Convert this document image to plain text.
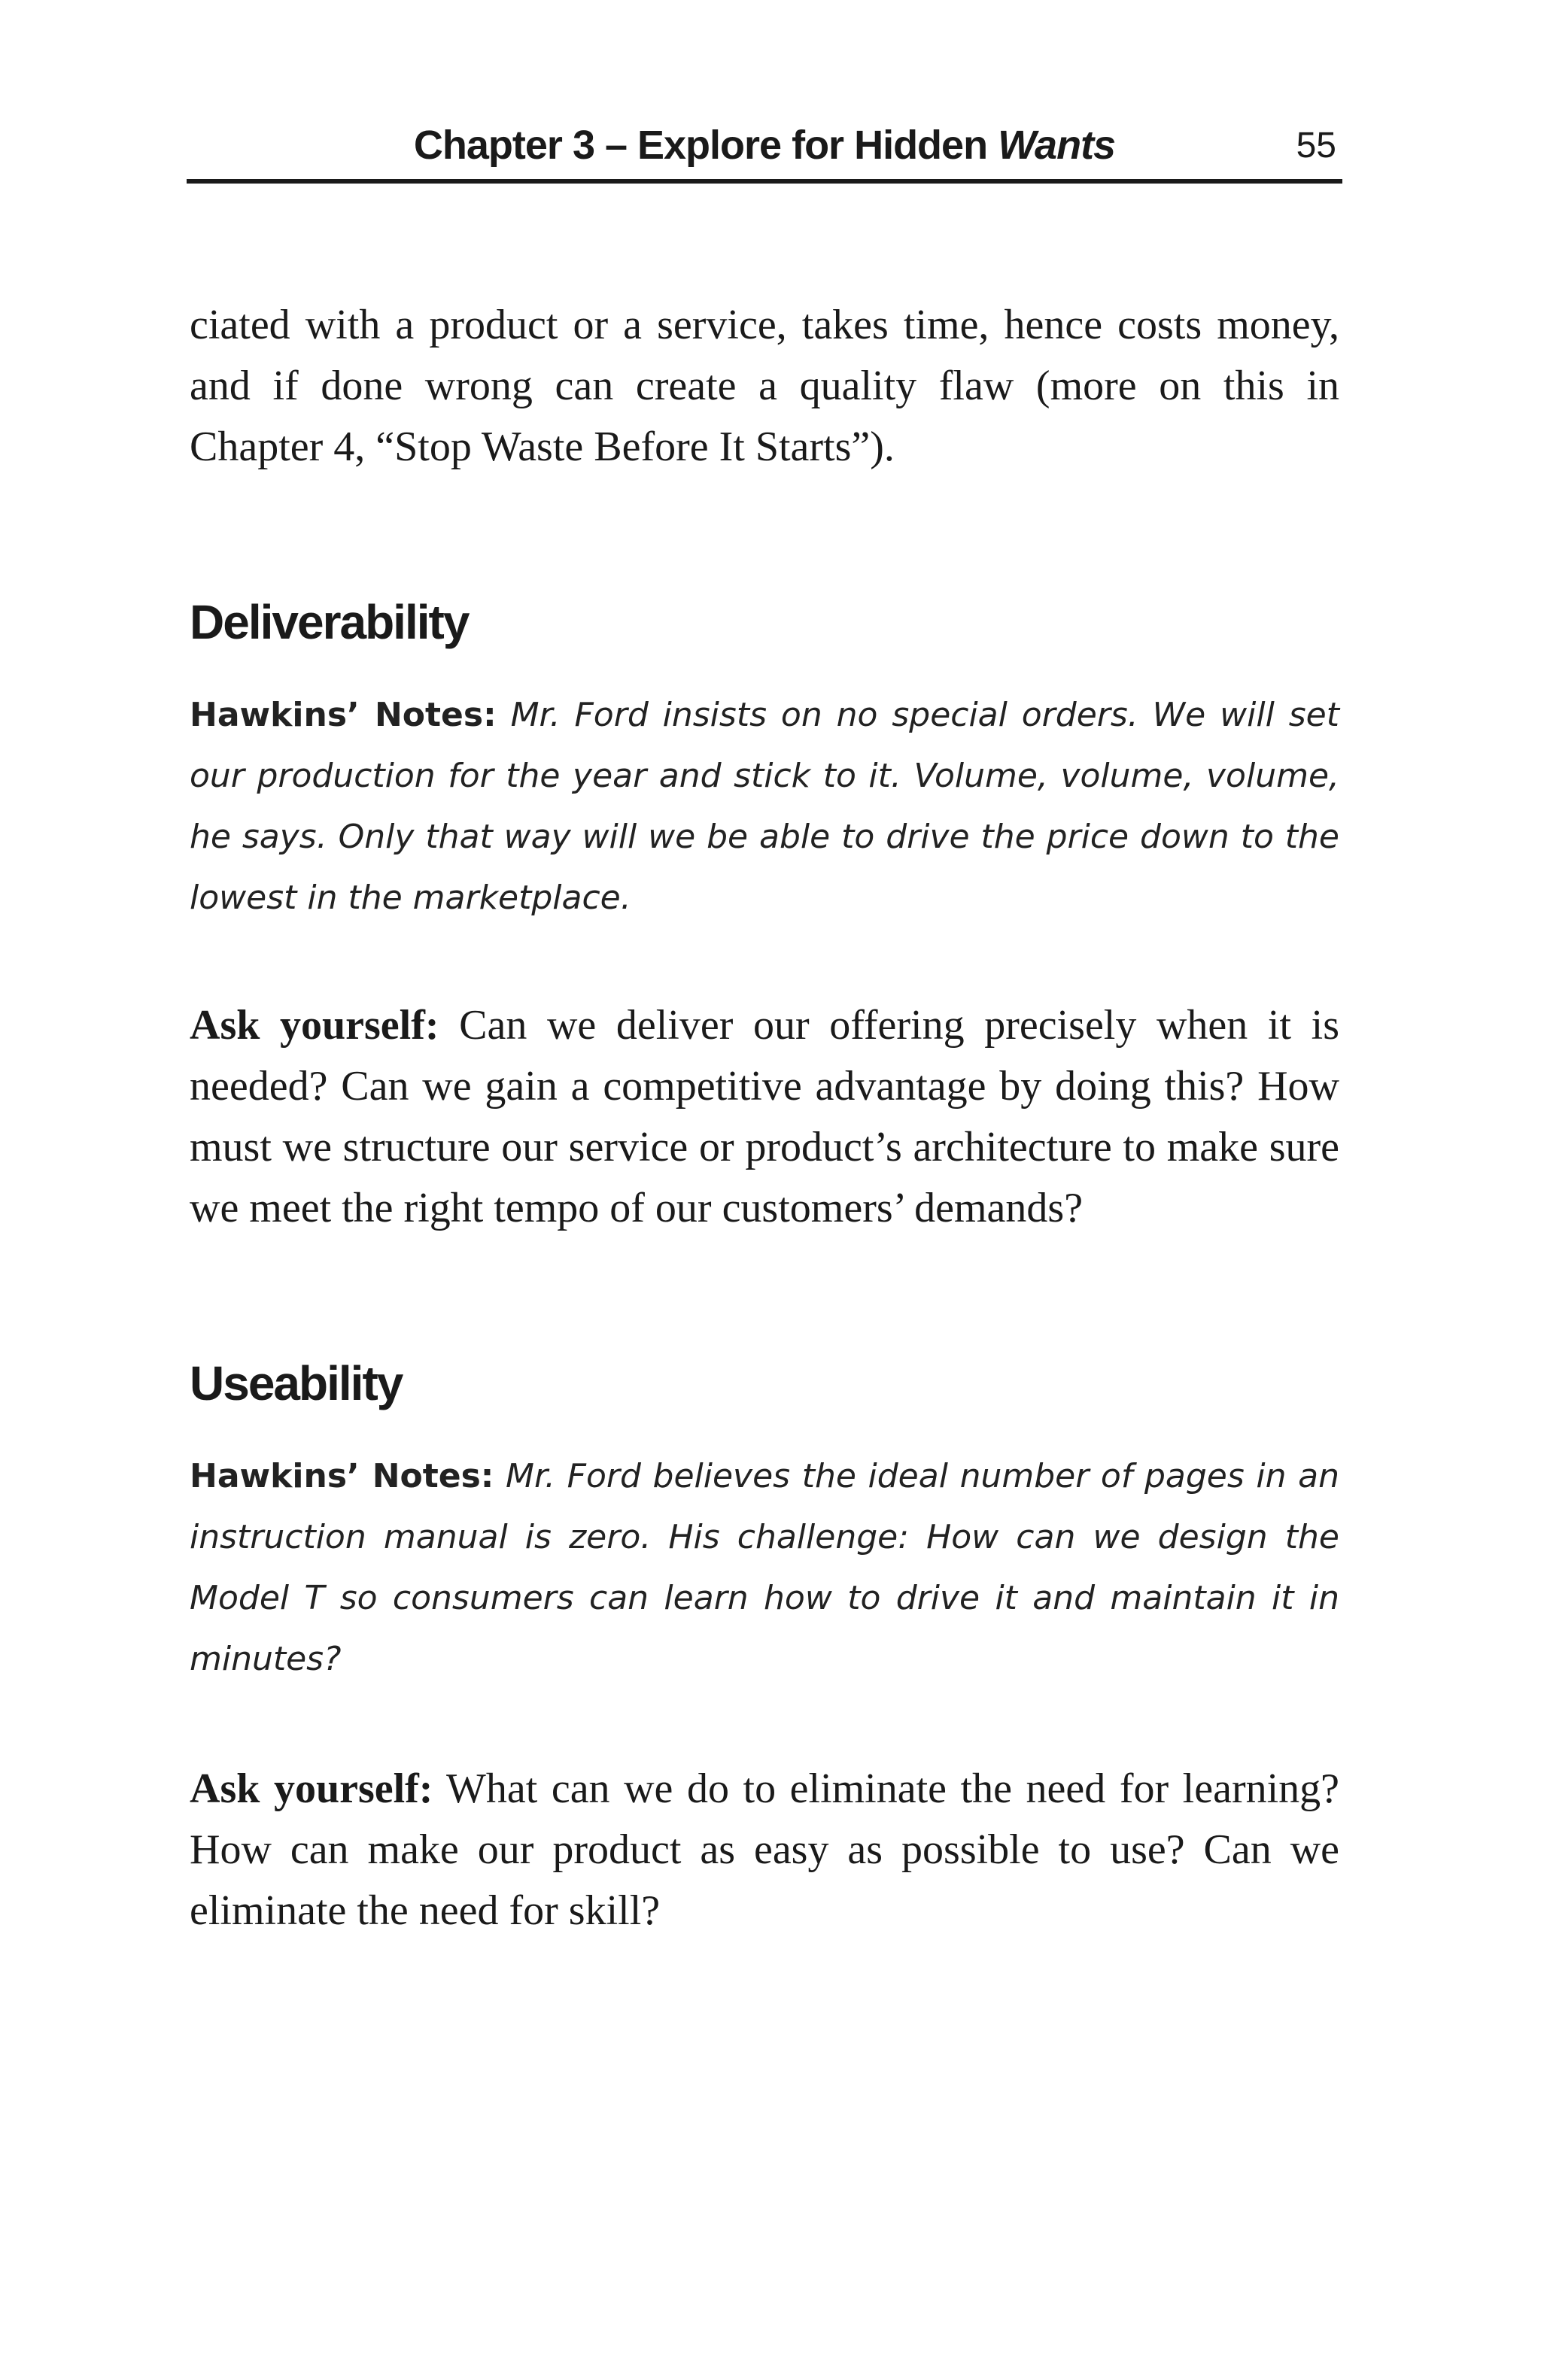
Chapter 3 – Explore for Hidden Wants	55

ciated with a product or a service, takes time, hence costs money, and if done wrong can create a quality flaw (more on this in Chapter 4, “Stop Waste Before It Starts”).

Deliverability

Hawkins’ Notes: Mr. Ford insists on no special orders. We will set our production for the year and stick to it. Volume, volume, volume, he says. Only that way will we be able to drive the price down to the lowest in the marketplace.

Ask yourself: Can we deliver our offering precisely when it is needed? Can we gain a competitive advantage by doing this? How must we structure our service or product’s architecture to make sure we meet the right tempo of our customers’ demands?

Useability

Hawkins’ Notes: Mr. Ford believes the ideal number of pages in an instruction manual is zero. His challenge: How can we design the Model T so consumers can learn how to drive it and maintain it in minutes?

Ask yourself: What can we do to eliminate the need for learning? How can make our product as easy as possible to use? Can we eliminate the need for skill?
